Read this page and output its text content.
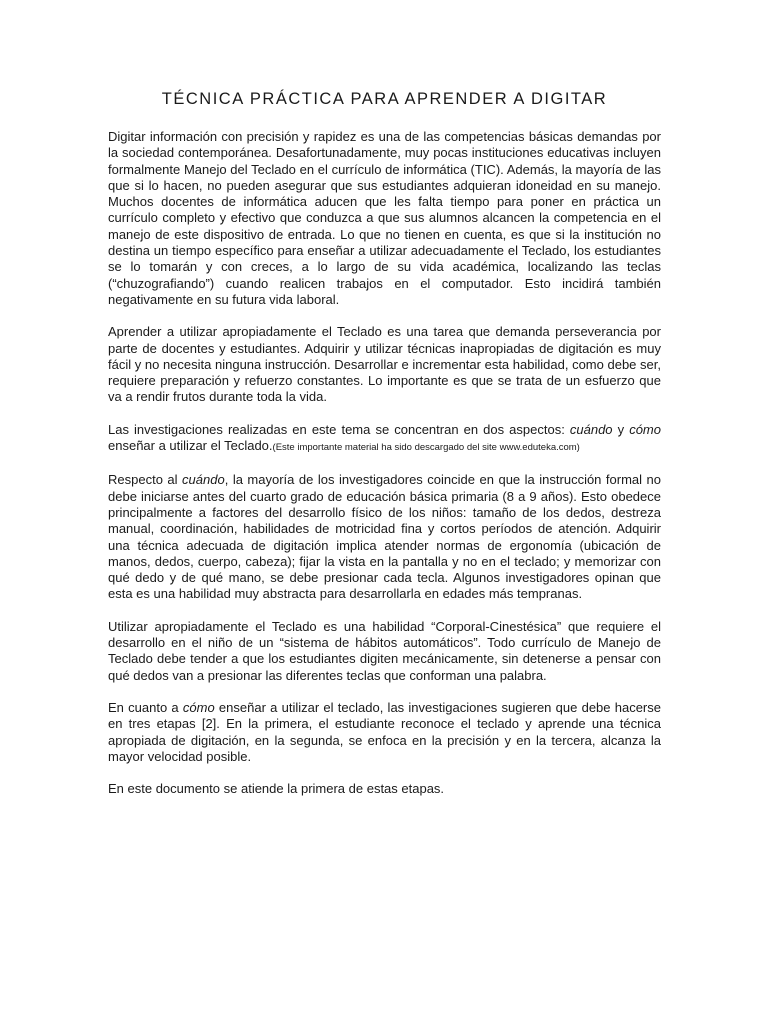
TÉCNICA PRÁCTICA PARA APRENDER A DIGITAR

Digitar información con precisión y rapidez es una de las competencias básicas demandas por la sociedad contemporánea. Desafortunadamente, muy pocas instituciones educativas incluyen formalmente Manejo del Teclado en el currículo de informática (TIC). Además, la mayoría de las que si lo hacen, no pueden asegurar que sus estudiantes adquieran idoneidad en su manejo. Muchos docentes de informática aducen que les falta tiempo para poner en práctica un currículo completo y efectivo que conduzca a que sus alumnos alcancen la competencia en el manejo de este dispositivo de entrada. Lo que no tienen en cuenta, es que si la institución no destina un tiempo específico para enseñar a utilizar adecuadamente el Teclado, los estudiantes se lo tomarán y con creces, a lo largo de su vida académica, localizando las teclas (“chuzografiando”) cuando realicen trabajos en el computador. Esto incidirá también negativamente en su futura vida laboral.

Aprender a utilizar apropiadamente el Teclado es una tarea que demanda perseverancia por parte de docentes y estudiantes. Adquirir y utilizar técnicas inapropiadas de digitación es muy fácil y no necesita ninguna instrucción. Desarrollar e incrementar esta habilidad, como debe ser, requiere preparación y refuerzo constantes. Lo importante es que se trata de un esfuerzo que va a rendir frutos durante toda la vida.

Las investigaciones realizadas en este tema se concentran en dos aspectos: cuándo y cómo enseñar a utilizar el Teclado.(Este importante material ha sido descargado del site www.eduteka.com)

Respecto al cuándo, la mayoría de los investigadores coincide en que la instrucción formal no debe iniciarse antes del cuarto grado de educación básica primaria (8 a 9 años). Esto obedece principalmente a factores del desarrollo físico de los niños: tamaño de los dedos, destreza manual, coordinación, habilidades de motricidad fina y cortos períodos de atención. Adquirir una técnica adecuada de digitación implica atender normas de ergonomía (ubicación de manos, dedos, cuerpo, cabeza); fijar la vista en la pantalla y no en el teclado; y memorizar con qué dedo y de qué mano, se debe presionar cada tecla. Algunos investigadores opinan que esta es una habilidad muy abstracta para desarrollarla en edades más tempranas.

Utilizar apropiadamente el Teclado es una habilidad “Corporal-Cinestésica” que requiere el desarrollo en el niño de un “sistema de hábitos automáticos”. Todo currículo de Manejo de Teclado debe tender a que los estudiantes digiten mecánicamente, sin detenerse a pensar con qué dedos van a presionar las diferentes teclas que conforman una palabra.

En cuanto a cómo enseñar a utilizar el teclado, las investigaciones sugieren que debe hacerse en tres etapas [2]. En la primera, el estudiante reconoce el teclado y aprende una técnica apropiada de digitación, en la segunda, se enfoca en la precisión y en la tercera, alcanza la mayor velocidad posible.

En este documento se atiende la primera de estas etapas.
